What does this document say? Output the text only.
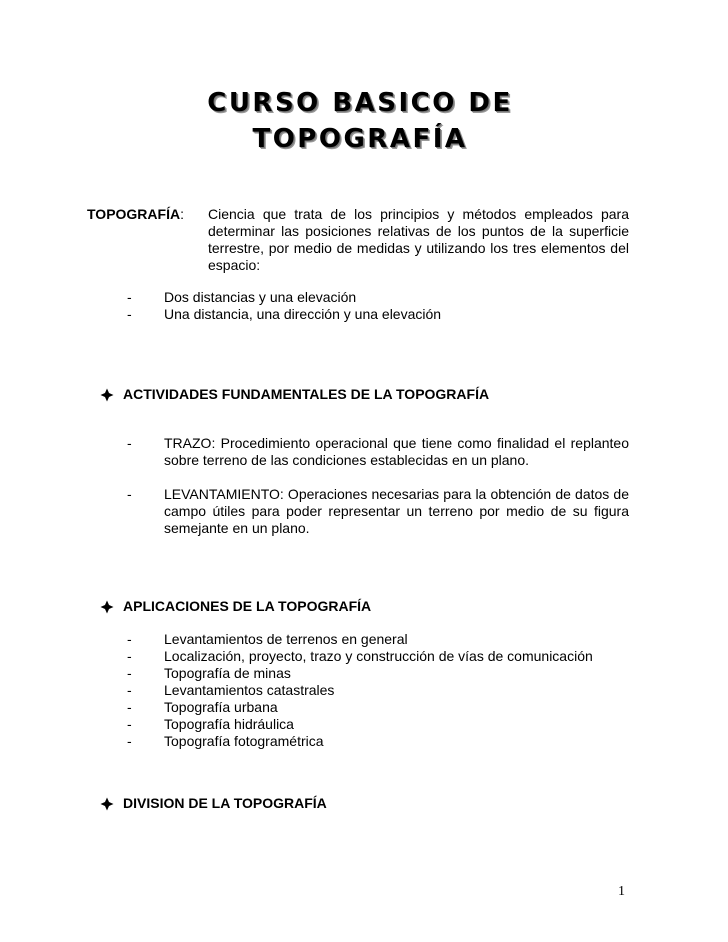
CURSO BASICO DE
TOPOGRAFÍA
TOPOGRAFÍA: Ciencia que trata de los principios y métodos empleados para determinar las posiciones relativas de los puntos de la superficie terrestre, por medio de medidas y utilizando los tres elementos del espacio:
-	Dos distancias y una elevación
-	Una distancia, una dirección y una elevación
ACTIVIDADES FUNDAMENTALES DE LA TOPOGRAFÍA
-	TRAZO: Procedimiento operacional que tiene como finalidad el replanteo sobre terreno de las condiciones establecidas en un plano.
-	LEVANTAMIENTO: Operaciones necesarias para la obtención de datos de campo útiles para poder representar un terreno por medio de su figura semejante en un plano.
APLICACIONES DE LA TOPOGRAFÍA
-	Levantamientos de terrenos en general
-	Localización, proyecto, trazo y construcción de vías de comunicación
-	Topografía de minas
-	Levantamientos catastrales
-	Topografía urbana
-	Topografía hidráulica
-	Topografía fotogramétrica
DIVISION DE LA TOPOGRAFÍA
1
